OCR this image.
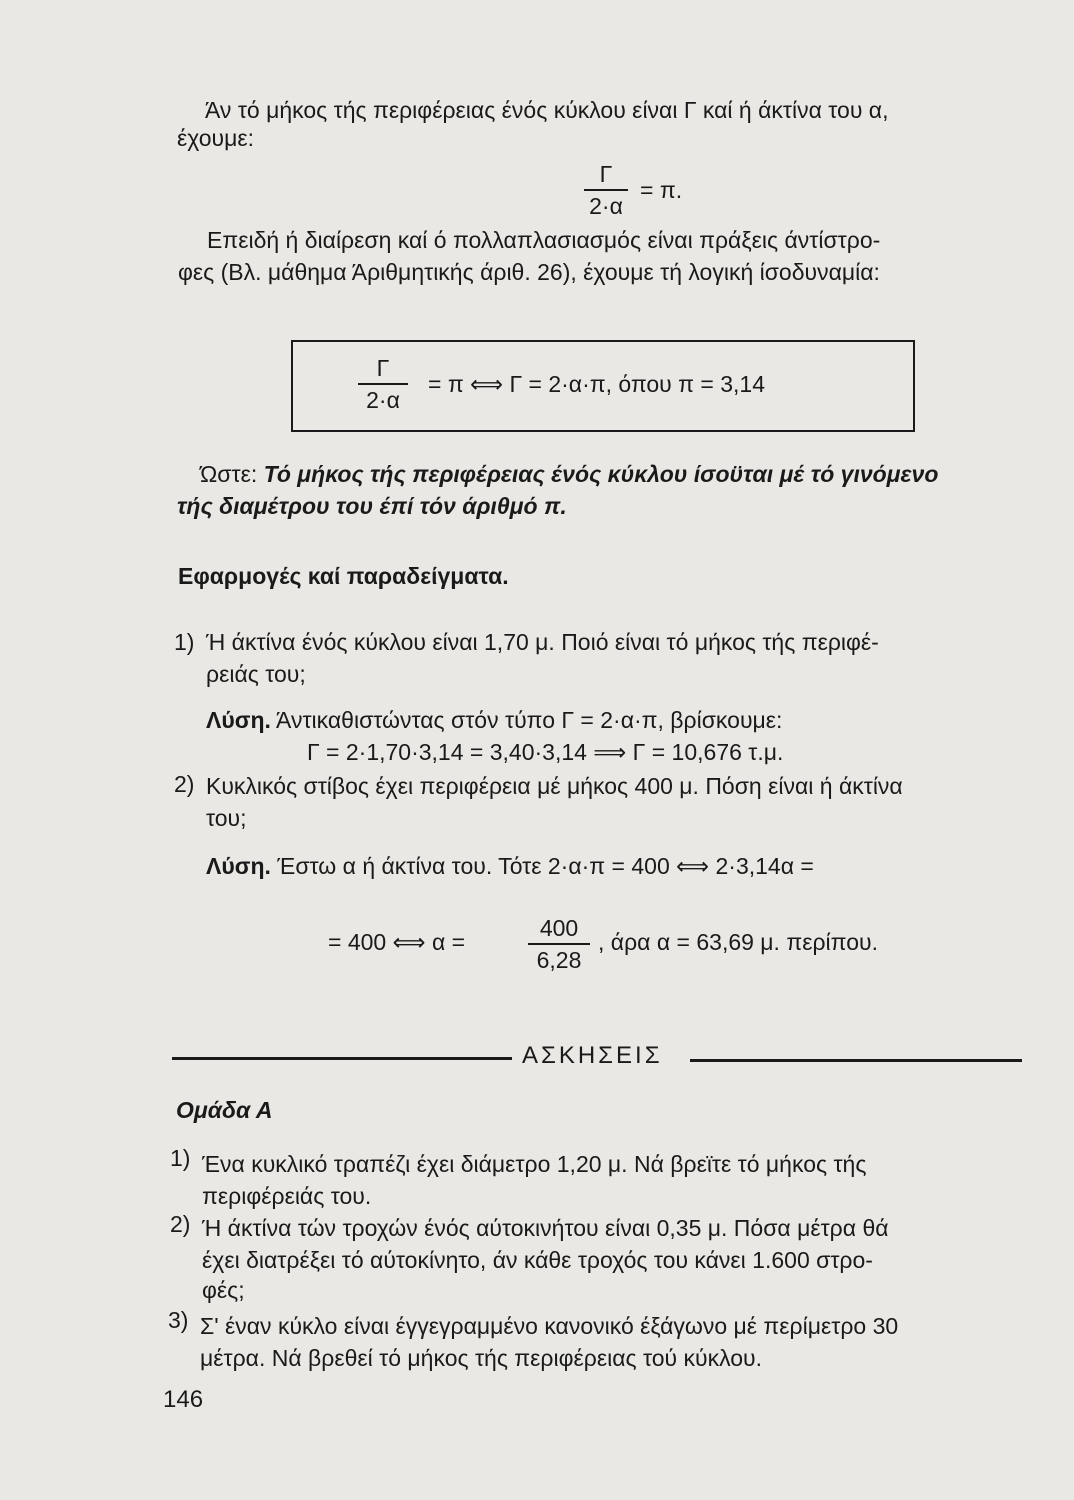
Άν τό μήκος τής περιφέρειας ένός κύκλου είναι Γ καί ή άκτίνα του α,
έχουμε:
Γ
2·α
= π.
Επειδή ή διαίρεση καί ό πολλαπλασιασμός είναι πράξεις άντίστρο-
φες (Βλ. μάθημα Άριθμητικής άριθ. 26), έχουμε τή λογική ίσοδυναμία:
Γ
2·α
= π ⟺ Γ = 2·α·π, όπου π = 3,14
Ώστε: Τό μήκος τής περιφέρειας ένός κύκλου ίσοϋται μέ τό γινόμενο
τής διαμέτρου του έπί τόν άριθμό π.
Εφαρμογές καί παραδείγματα.
1) Ή άκτίνα ένός κύκλου είναι 1,70 μ. Ποιό είναι τό μήκος τής περιφέ-
ρειάς του;
Λύση. Άντικαθιστώντας στόν τύπο Γ = 2·α·π, βρίσκουμε:
Γ = 2·1,70·3,14 = 3,40·3,14 ⟹ Γ = 10,676 τ.μ.
2) Κυκλικός στίβος έχει περιφέρεια μέ μήκος 400 μ. Πόση είναι ή άκτίνα
του;
Λύση. Έστω α ή άκτίνα του. Τότε 2·α·π = 400 ⟺ 2·3,14α =
= 400 ⟺ α =
400
6,28
, άρα α = 63,69 μ. περίπου.
ΑΣΚΗΣΕΙΣ
Ομάδα Α
1) Ένα κυκλικό τραπέζι έχει διάμετρο 1,20 μ. Νά βρεϊτε τό μήκος τής
περιφέρειάς του.
2) Ή άκτίνα τών τροχών ένός αύτοκινήτου είναι 0,35 μ. Πόσα μέτρα θά
έχει διατρέξει τό αύτοκίνητο, άν κάθε τροχός του κάνει 1.600 στρο-
φές;
3) Σ' έναν κύκλο είναι έγγεγραμμένο κανονικό έξάγωνο μέ περίμετρο 30
μέτρα. Νά βρεθεί τό μήκος τής περιφέρειας τού κύκλου.
146
